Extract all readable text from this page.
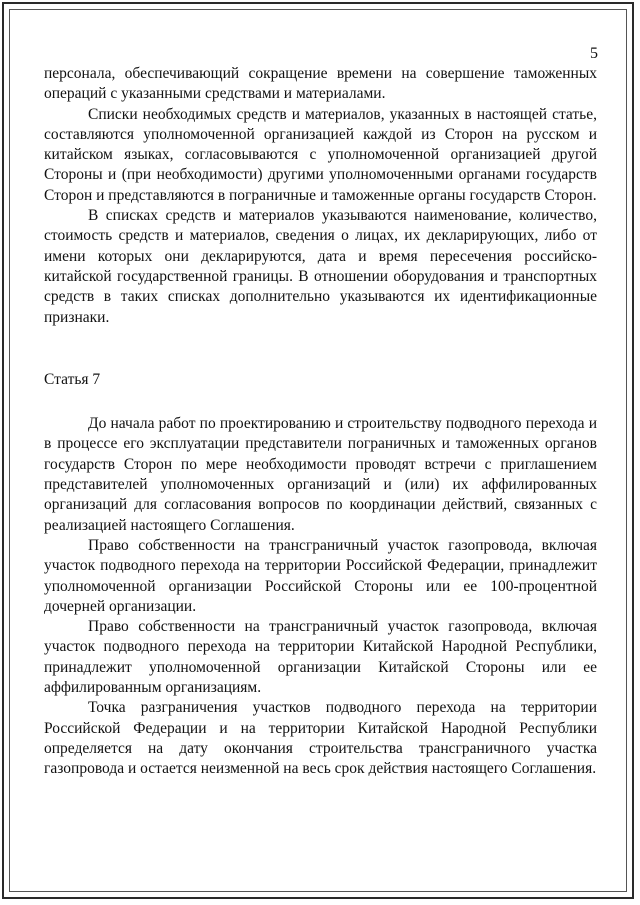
5

персонала, обеспечивающий сокращение времени на совершение таможенных операций с указанными средствами и материалами.

Списки необходимых средств и материалов, указанных в настоящей статье, составляются уполномоченной организацией каждой из Сторон на русском и китайском языках, согласовываются с уполномоченной организацией другой Стороны и (при необходимости) другими уполномоченными органами государств Сторон и представляются в пограничные и таможенные органы государств Сторон.

В списках средств и материалов указываются наименование, количество, стоимость средств и материалов, сведения о лицах, их декларирующих, либо от имени которых они декларируются, дата и время пересечения российско-китайской государственной границы. В отношении оборудования и транспортных средств в таких списках дополнительно указываются их идентификационные признаки.

Статья 7

До начала работ по проектированию и строительству подводного перехода и в процессе его эксплуатации представители пограничных и таможенных органов государств Сторон по мере необходимости проводят встречи с приглашением представителей уполномоченных организаций и (или) их аффилированных организаций для согласования вопросов по координации действий, связанных с реализацией настоящего Соглашения.

Право собственности на трансграничный участок газопровода, включая участок подводного перехода на территории Российской Федерации, принадлежит уполномоченной организации Российской Стороны или ее 100-процентной дочерней организации.

Право собственности на трансграничный участок газопровода, включая участок подводного перехода на территории Китайской Народной Республики, принадлежит уполномоченной организации Китайской Стороны или ее аффилированным организациям.

Точка разграничения участков подводного перехода на территории Российской Федерации и на территории Китайской Народной Республики определяется на дату окончания строительства трансграничного участка газопровода и остается неизменной на весь срок действия настоящего Соглашения.
